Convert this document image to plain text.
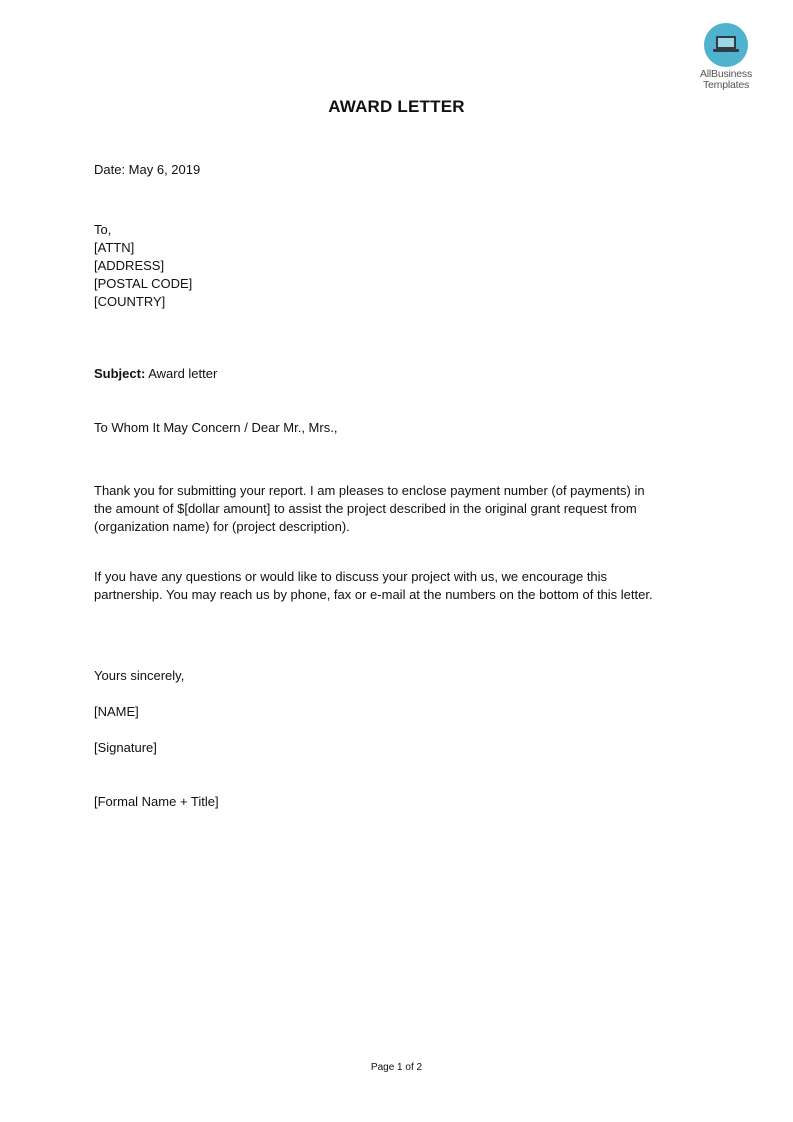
AllBusiness
Templates
AWARD LETTER
Date: May 6, 2019
To,
[ATTN]
[ADDRESS]
[POSTAL CODE]
[COUNTRY]
Subject: Award letter
To Whom It May Concern / Dear Mr., Mrs.,
Thank you for submitting your report. I am pleases to enclose payment number (of payments) in
the amount of $[dollar amount] to assist the project described in the original grant request from
(organization name) for (project description).
If you have any questions or would like to discuss your project with us, we encourage this
partnership. You may reach us by phone, fax or e-mail at the numbers on the bottom of this letter.
Yours sincerely,
[NAME]
[Signature]
[Formal Name + Title]
Page 1 of 2
